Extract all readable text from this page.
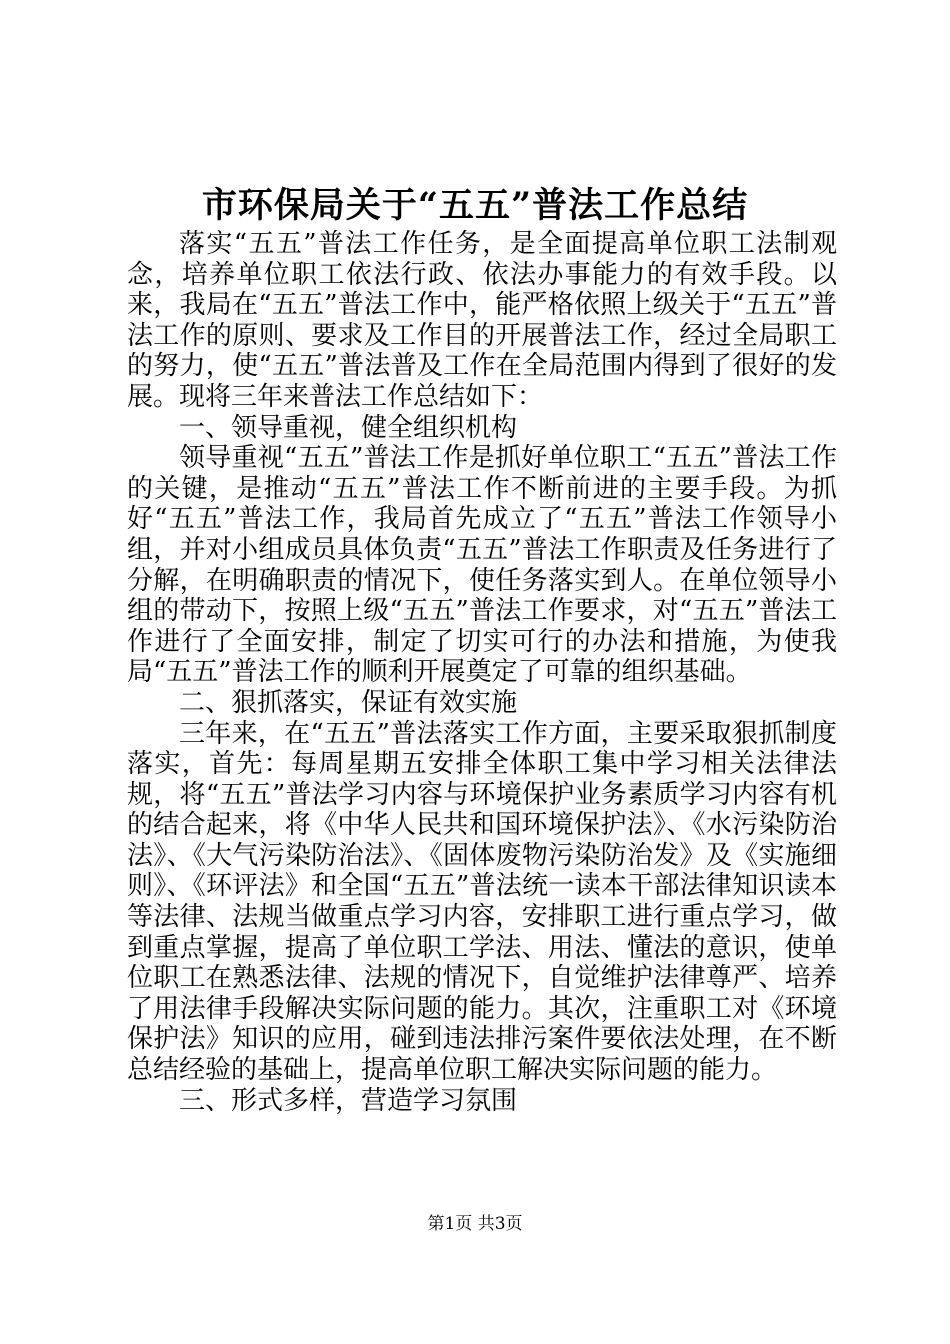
市环保局关于“五五”普法工作总结

落实“五五”普法工作任务，是全面提高单位职工法制观念，培养单位职工依法行政、依法办事能力的有效手段。以来，我局在“五五”普法工作中，能严格依照上级关于“五五”普法工作的原则、要求及工作目的开展普法工作，经过全局职工的努力，使“五五”普法普及工作在全局范围内得到了很好的发展。现将三年来普法工作总结如下：

一、领导重视，健全组织机构

领导重视“五五”普法工作是抓好单位职工“五五”普法工作的关键，是推动“五五”普法工作不断前进的主要手段。为抓好“五五”普法工作，我局首先成立了“五五”普法工作领导小组，并对小组成员具体负责“五五”普法工作职责及任务进行了分解，在明确职责的情况下，使任务落实到人。在单位领导小组的带动下，按照上级“五五”普法工作要求，对“五五”普法工作进行了全面安排，制定了切实可行的办法和措施，为使我局“五五”普法工作的顺利开展奠定了可靠的组织基础。

二、狠抓落实，保证有效实施

三年来，在“五五”普法落实工作方面，主要采取狠抓制度落实，首先：每周星期五安排全体职工集中学习相关法律法规，将“五五”普法学习内容与环境保护业务素质学习内容有机的结合起来，将《中华人民共和国环境保护法》、《水污染防治法》、《大气污染防治法》、《固体废物污染防治发》及《实施细则》、《环评法》和全国“五五”普法统一读本干部法律知识读本等法律、法规当做重点学习内容，安排职工进行重点学习，做到重点掌握，提高了单位职工学法、用法、懂法的意识，使单位职工在熟悉法律、法规的情况下，自觉维护法律尊严、培养了用法律手段解决实际问题的能力。其次，注重职工对《环境保护法》知识的应用，碰到违法排污案件要依法处理，在不断总结经验的基础上，提高单位职工解决实际问题的能力。

三、形式多样，营造学习氛围

第1页 共3页
